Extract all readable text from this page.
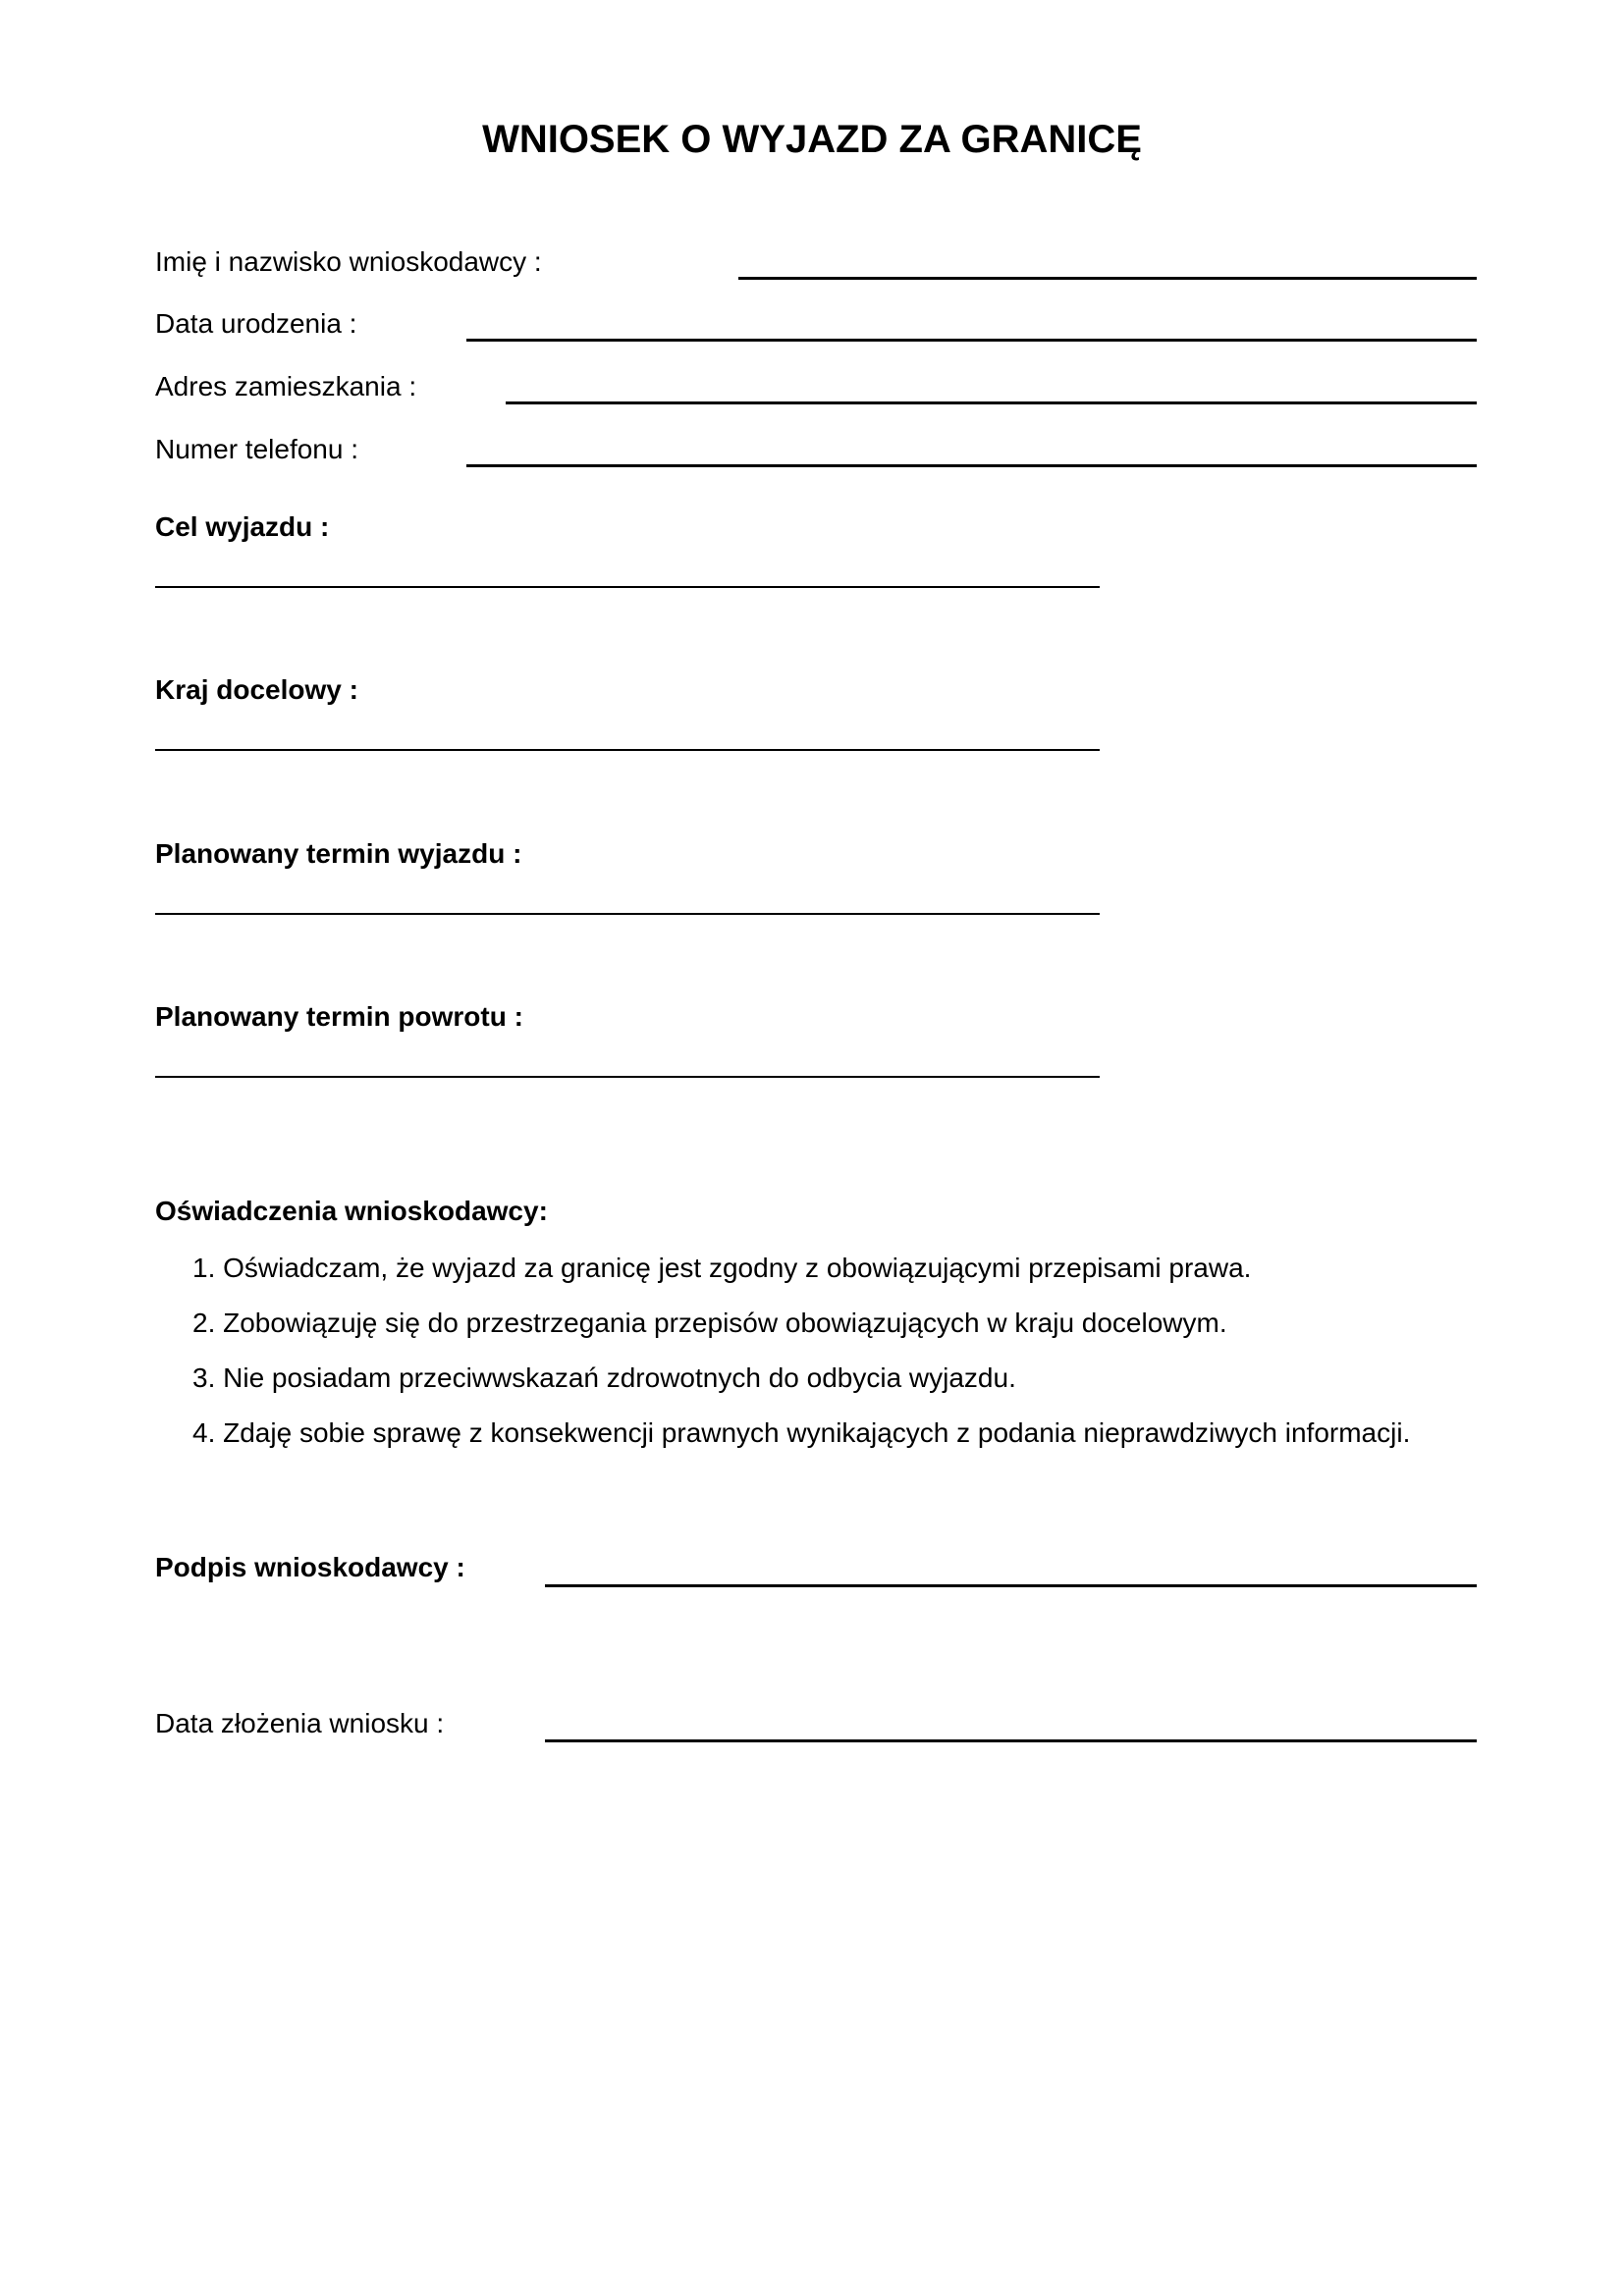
WNIOSEK O WYJAZD ZA GRANICĘ
Imię i nazwisko wnioskodawcy :
Data urodzenia :
Adres zamieszkania :
Numer telefonu :
Cel wyjazdu :
Kraj docelowy :
Planowany termin wyjazdu :
Planowany termin powrotu :
Oświadczenia wnioskodawcy:
1. Oświadczam, że wyjazd za granicę jest zgodny z obowiązującymi przepisami prawa.
2. Zobowiązuję się do przestrzegania przepisów obowiązujących w kraju docelowym.
3. Nie posiadam przeciwwskazań zdrowotnych do odbycia wyjazdu.
4. Zdaję sobie sprawę z konsekwencji prawnych wynikających z podania nieprawdziwych informacji.
Podpis wnioskodawcy :
Data złożenia wniosku :
